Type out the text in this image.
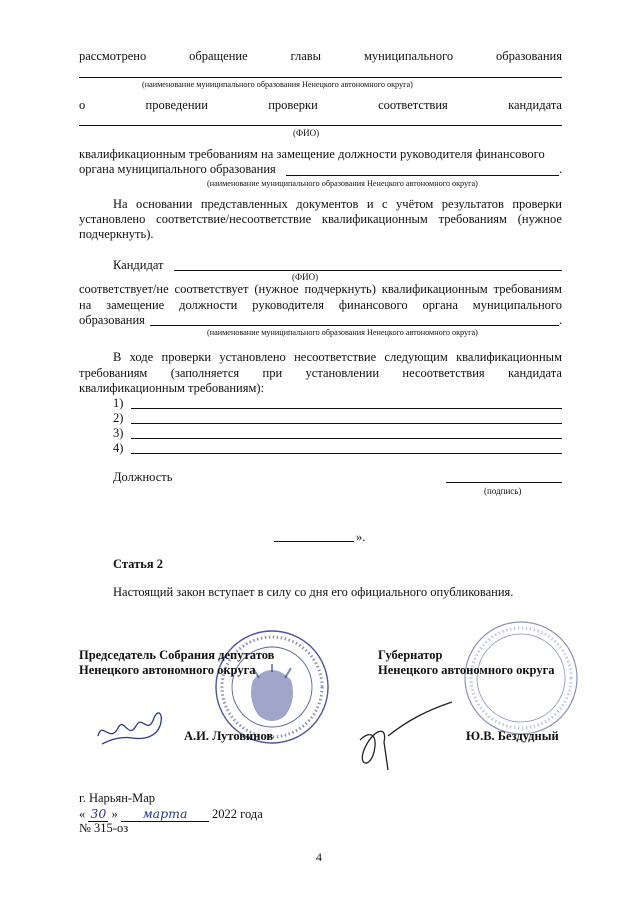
рассмотрено	обращение	главы	муниципального	образования
(наименование муниципального образования Ненецкого автономного округа)
о	проведении	проверки	соответствия	кандидата
(ФИО)
квалификационным требованиям на замещение должности руководителя финансового
органа муниципального образования	.
(наименование муниципального образования Ненецкого автономного округа)
На основании представленных документов и с учётом результатов проверки
установлено соответствие/несоответствие квалификационным требованиям (нужное
подчеркнуть).
Кандидат
(ФИО)
соответствует/не соответствует (нужное подчеркнуть) квалификационным требованиям
на замещение должности руководителя финансового органа муниципального
образования	.
(наименование муниципального образования Ненецкого автономного округа)
В ходе проверки установлено несоответствие следующим квалификационным
требованиям (заполняется при установлении несоответствия кандидата
квалификационным требованиям):
1)
2)
3)
4)
Должность
(подпись)
».
Статья 2
Настоящий закон вступает в силу со дня его официального опубликования.
Председатель Собрания депутатов
Ненецкого автономного округа
А.И. Лутовинов
Губернатор
Ненецкого автономного округа
Ю.В. Бездудный
г. Нарьян-Мар
« 30 » марта 2022 года
№ 315-оз
4
